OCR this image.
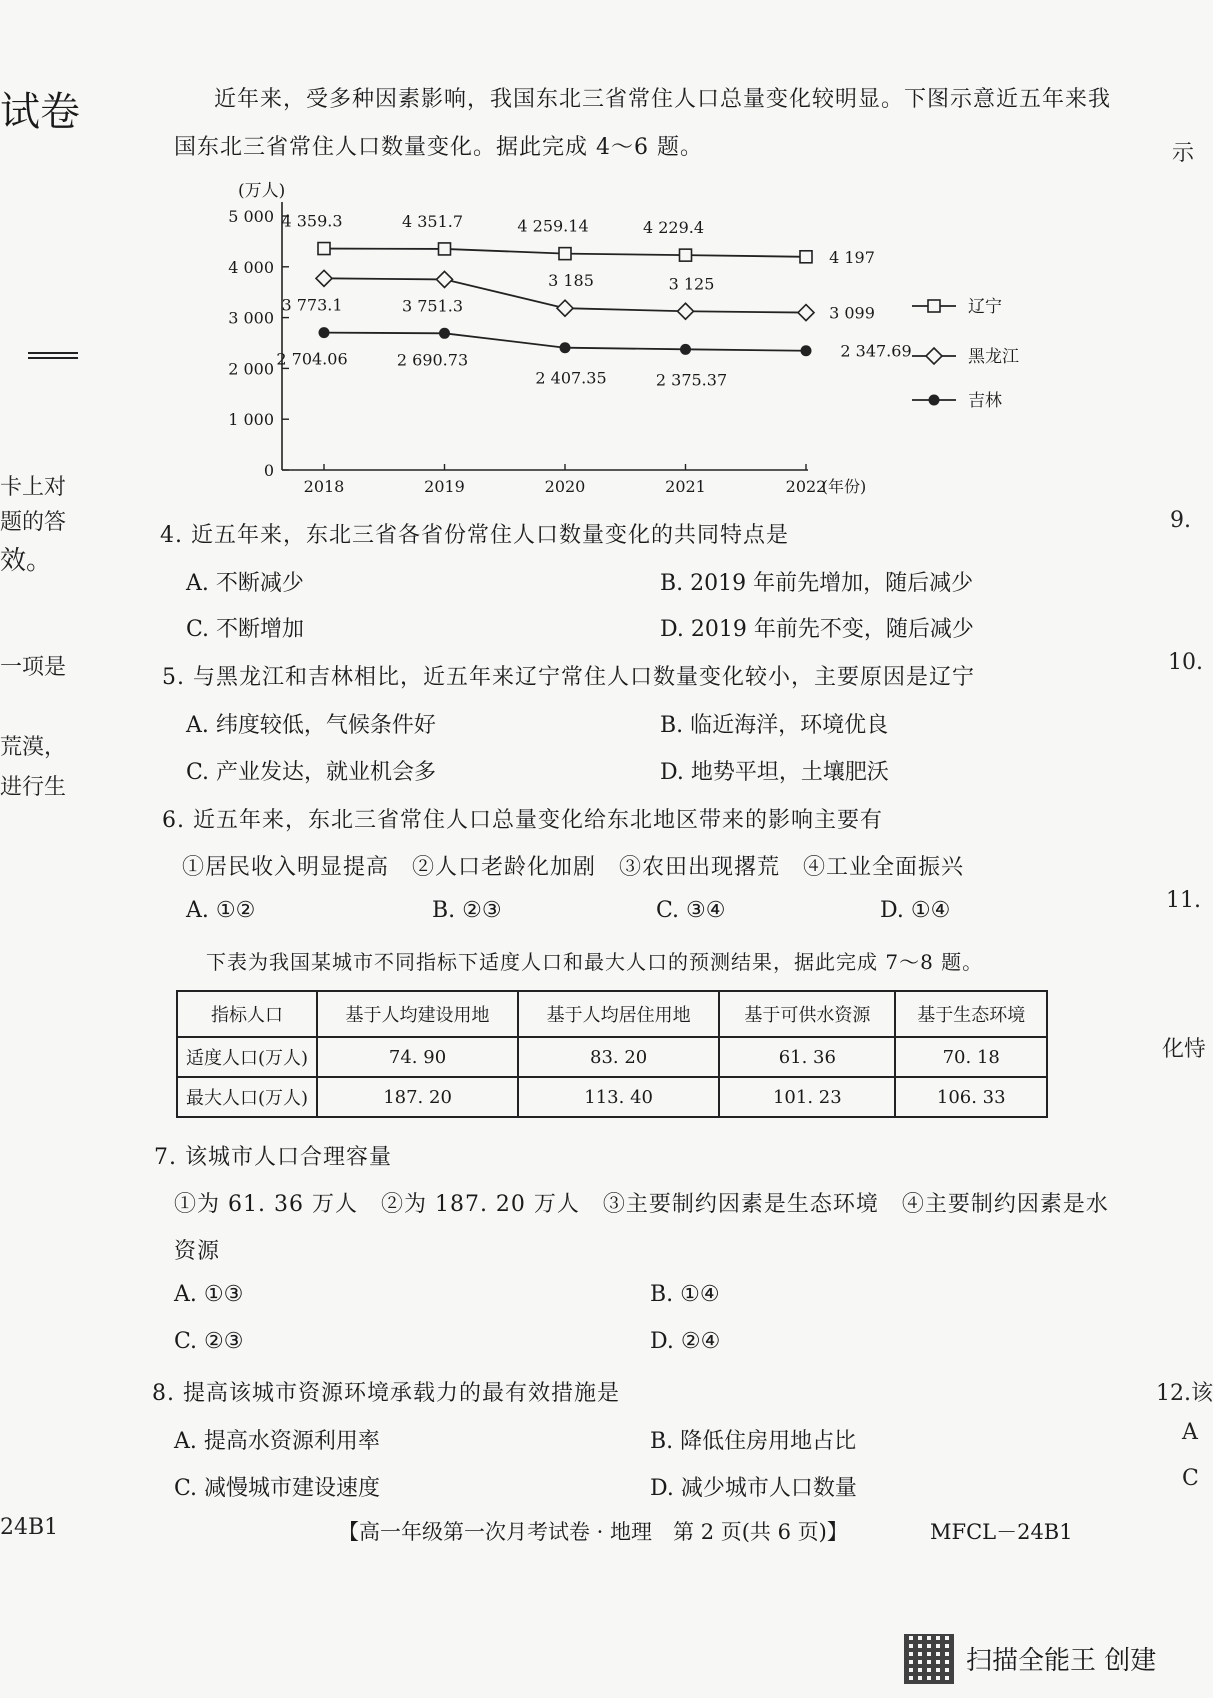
试卷
卡上对
题的答
效。
一项是
荒漠，
进行生
24B1
示
9.
10.
11.
化恃
12.该
A
C
近年来，受多种因素影响，我国东北三省常住人口总量变化较明显。下图示意近五年来我
国东北三省常住人口数量变化。据此完成 4～6 题。
(万人)
0
1 000
2 000
3 000
4 000
5 000
2018	2019	2020	2021	2022
(年份)
4 359.3	4 351.7	4 259.14	4 229.4
4 197
辽宁
3 773.1	3 751.3
3 185	3 125
3 099
黑龙江
2 704.06	2 690.73
2 407.35	2 375.37
2 347.69
吉林
4. 近五年来，东北三省各省份常住人口数量变化的共同特点是
A. 不断减少	B. 2019 年前先增加，随后减少
C. 不断增加	D. 2019 年前先不变，随后减少
5. 与黑龙江和吉林相比，近五年来辽宁常住人口数量变化较小，主要原因是辽宁
A. 纬度较低，气候条件好	B. 临近海洋，环境优良
C. 产业发达，就业机会多	D. 地势平坦，土壤肥沃
6. 近五年来，东北三省常住人口总量变化给东北地区带来的影响主要有
①居民收入明显提高　②人口老龄化加剧　③农田出现撂荒　④工业全面振兴
A. ①②	B. ②③	C. ③④	D. ①④
下表为我国某城市不同指标下适度人口和最大人口的预测结果，据此完成 7～8 题。
指标人口	基于人均建设用地	基于人均居住用地	基于可供水资源	基于生态环境
适度人口(万人)	74. 90	83. 20	61. 36	70. 18
最大人口(万人)	187. 20	113. 40	101. 23	106. 33
7. 该城市人口合理容量
①为 61. 36 万人　②为 187. 20 万人　③主要制约因素是生态环境　④主要制约因素是水
资源
A. ①③	B. ①④
C. ②③	D. ②④
8. 提高该城市资源环境承载力的最有效措施是
A. 提高水资源利用率	B. 降低住房用地占比
C. 减慢城市建设速度	D. 减少城市人口数量
【高一年级第一次月考试卷 · 地理　第 2 页(共 6 页)】	MFCL－24B1
扫描全能王 创建
